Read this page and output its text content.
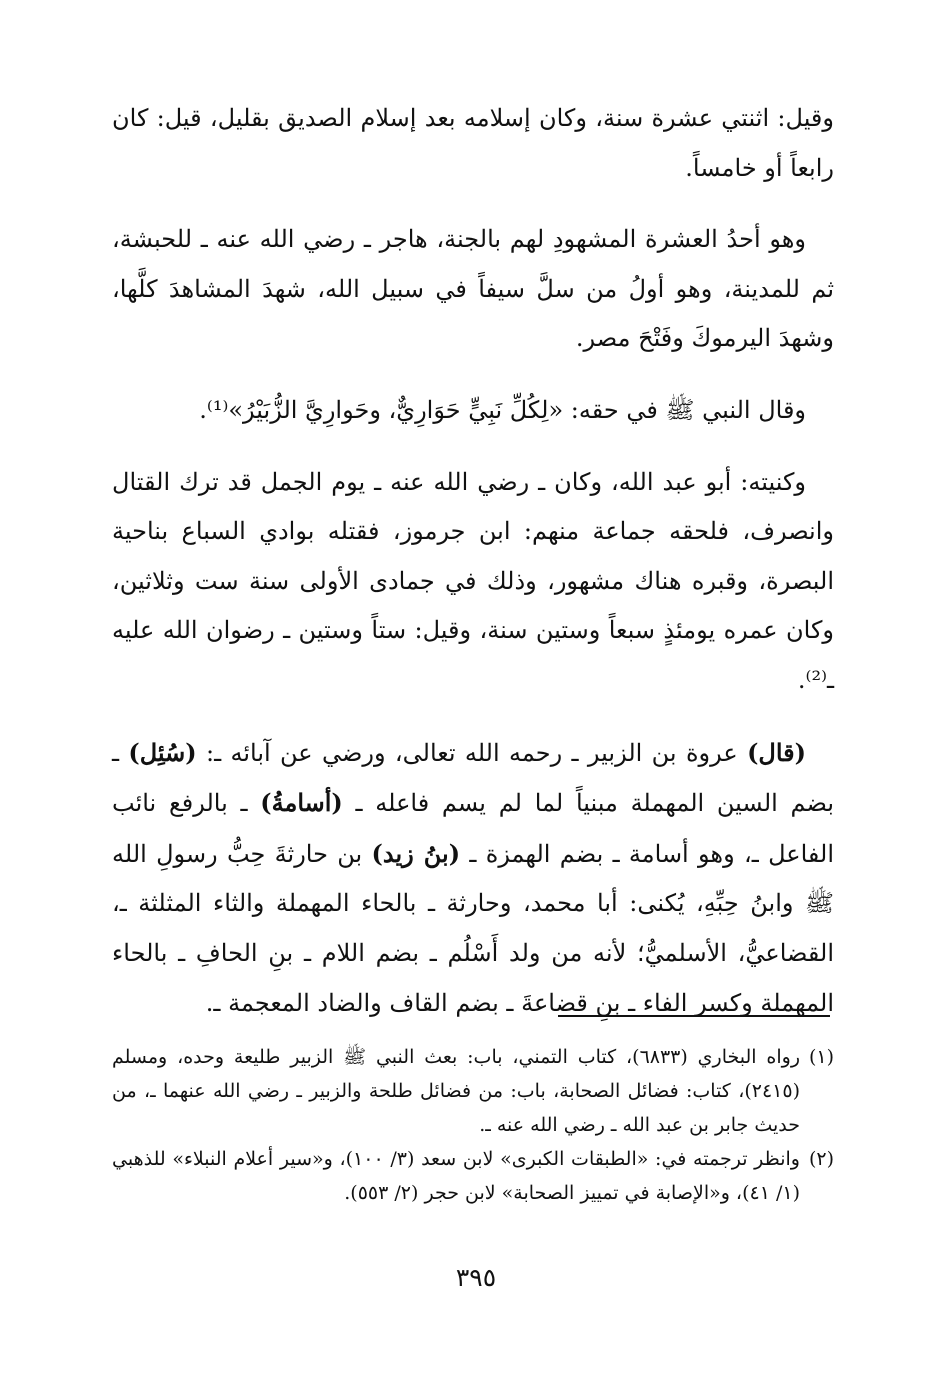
وقيل: اثنتي عشرة سنة، وكان إسلامه بعد إسلام الصديق بقليل، قيل: كان رابعاً أو خامساً.

وهو أحدُ العشرة المشهودِ لهم بالجنة، هاجر ـ رضي الله عنه ـ للحبشة، ثم للمدينة، وهو أولُ من سلَّ سيفاً في سبيل الله، شهدَ المشاهدَ كلَّها، وشهدَ اليرموكَ وفَتْحَ مصر.

وقال النبي ﷺ في حقه: «لِكُلِّ نَبِيٍّ حَوَارِيٌّ، وحَوارِيَّ الزُّبَيْرُ»⁽¹⁾.

وكنيته: أبو عبد الله، وكان ـ رضي الله عنه ـ يوم الجمل قد ترك القتال وانصرف، فلحقه جماعة منهم: ابن جرموز، فقتله بوادي السباع بناحية البصرة، وقبره هناك مشهور، وذلك في جمادى الأولى سنة ست وثلاثين، وكان عمره يومئذٍ سبعاً وستين سنة، وقيل: ستاً وستين ـ رضوان الله عليه ـ⁽²⁾.

(قال) عروة بن الزبير ـ رحمه الله تعالى، ورضي عن آبائه ـ: (سُئِل) ـ بضم السين المهملة مبنياً لما لم يسم فاعله ـ (أسامةُ) ـ بالرفع نائب الفاعل ـ، وهو أسامة ـ بضم الهمزة ـ (بنُ زيد) بن حارثةَ حِبُّ رسولِ الله ﷺ وابنُ حِبِّهِ، يُكنى: أبا محمد، وحارثة ـ بالحاء المهملة والثاء المثلثة ـ، القضاعيُّ، الأسلميُّ؛ لأنه من ولد أَسْلُم ـ بضم اللام ـ بنِ الحافِ ـ بالحاء المهملة وكسر الفاء ـ بنِ قضاعةَ ـ بضم القاف والضاد المعجمة ـ.

(١)
رواه البخاري (٦٨٣٣)، كتاب التمني، باب: بعث النبي ﷺ الزبير طليعة وحده، ومسلم (٢٤١٥)، كتاب: فضائل الصحابة، باب: من فضائل طلحة والزبير ـ رضي الله عنهما ـ، من حديث جابر بن عبد الله ـ رضي الله عنه ـ.
(٢)
وانظر ترجمته في: «الطبقات الكبرى» لابن سعد (٣/ ١٠٠)، و«سير أعلام النبلاء» للذهبي (١/ ٤١)، و«الإصابة في تمييز الصحابة» لابن حجر (٢/ ٥٥٣).
٣٩٥
